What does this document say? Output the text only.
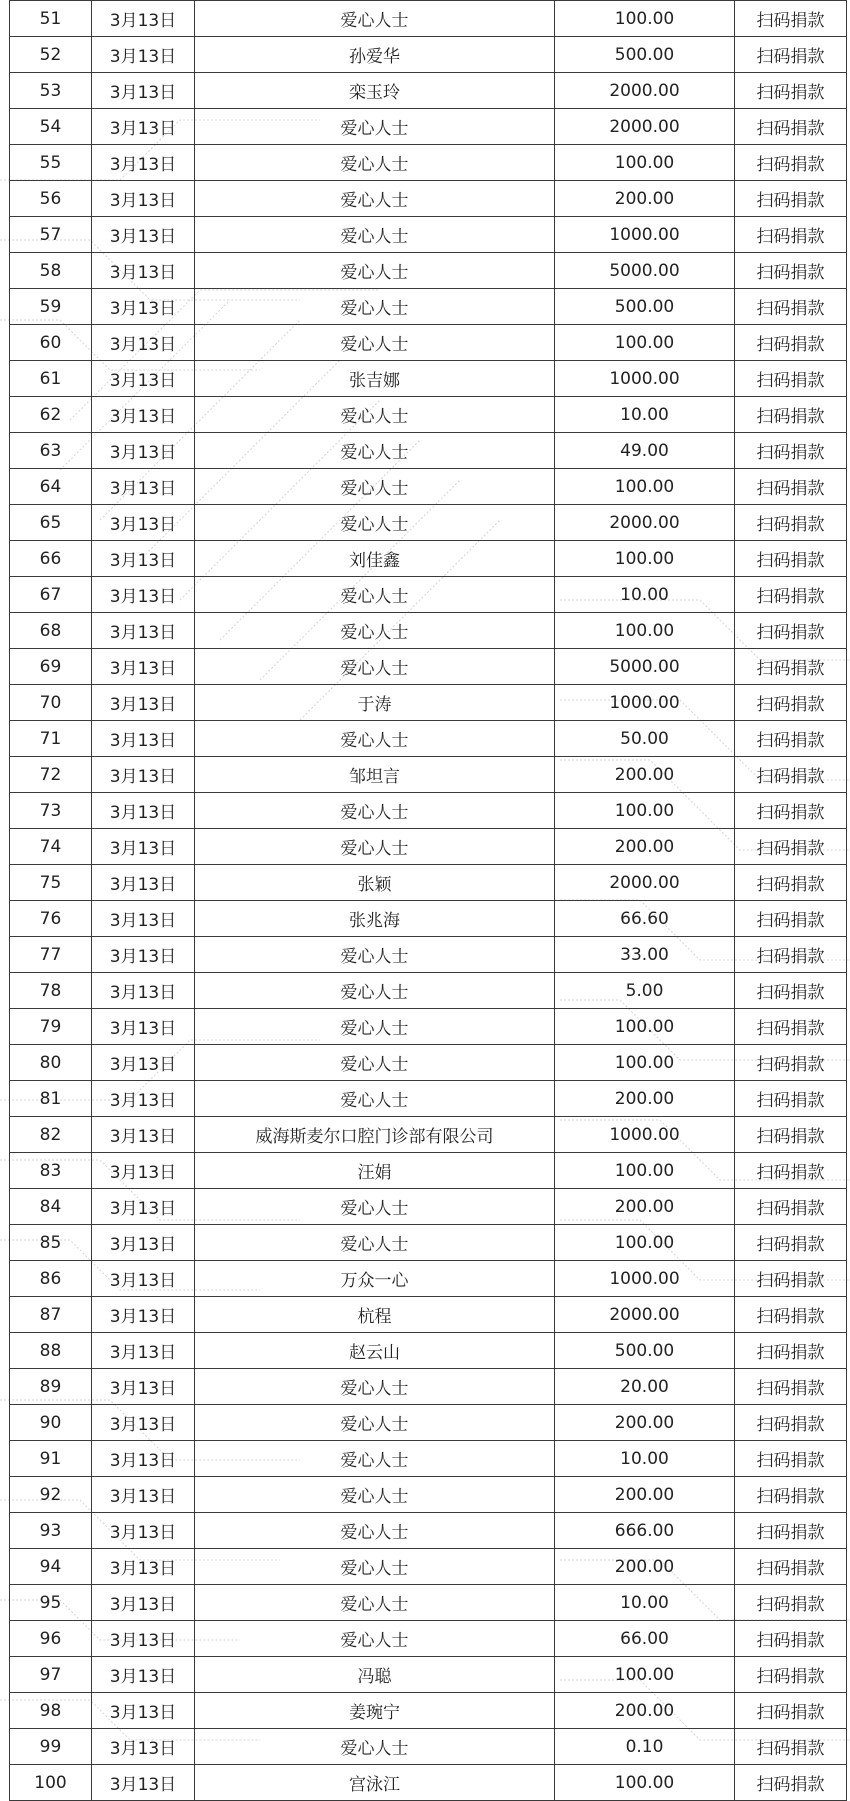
51	3月13日	爱心人士	100.00	扫码捐款
52	3月13日	孙爱华	500.00	扫码捐款
53	3月13日	栾玉玲	2000.00	扫码捐款
54	3月13日	爱心人士	2000.00	扫码捐款
55	3月13日	爱心人士	100.00	扫码捐款
56	3月13日	爱心人士	200.00	扫码捐款
57	3月13日	爱心人士	1000.00	扫码捐款
58	3月13日	爱心人士	5000.00	扫码捐款
59	3月13日	爱心人士	500.00	扫码捐款
60	3月13日	爱心人士	100.00	扫码捐款
61	3月13日	张吉娜	1000.00	扫码捐款
62	3月13日	爱心人士	10.00	扫码捐款
63	3月13日	爱心人士	49.00	扫码捐款
64	3月13日	爱心人士	100.00	扫码捐款
65	3月13日	爱心人士	2000.00	扫码捐款
66	3月13日	刘佳鑫	100.00	扫码捐款
67	3月13日	爱心人士	10.00	扫码捐款
68	3月13日	爱心人士	100.00	扫码捐款
69	3月13日	爱心人士	5000.00	扫码捐款
70	3月13日	于涛	1000.00	扫码捐款
71	3月13日	爱心人士	50.00	扫码捐款
72	3月13日	邹坦言	200.00	扫码捐款
73	3月13日	爱心人士	100.00	扫码捐款
74	3月13日	爱心人士	200.00	扫码捐款
75	3月13日	张颖	2000.00	扫码捐款
76	3月13日	张兆海	66.60	扫码捐款
77	3月13日	爱心人士	33.00	扫码捐款
78	3月13日	爱心人士	5.00	扫码捐款
79	3月13日	爱心人士	100.00	扫码捐款
80	3月13日	爱心人士	100.00	扫码捐款
81	3月13日	爱心人士	200.00	扫码捐款
82	3月13日	威海斯麦尔口腔门诊部有限公司	1000.00	扫码捐款
83	3月13日	汪娟	100.00	扫码捐款
84	3月13日	爱心人士	200.00	扫码捐款
85	3月13日	爱心人士	100.00	扫码捐款
86	3月13日	万众一心	1000.00	扫码捐款
87	3月13日	杭程	2000.00	扫码捐款
88	3月13日	赵云山	500.00	扫码捐款
89	3月13日	爱心人士	20.00	扫码捐款
90	3月13日	爱心人士	200.00	扫码捐款
91	3月13日	爱心人士	10.00	扫码捐款
92	3月13日	爱心人士	200.00	扫码捐款
93	3月13日	爱心人士	666.00	扫码捐款
94	3月13日	爱心人士	200.00	扫码捐款
95	3月13日	爱心人士	10.00	扫码捐款
96	3月13日	爱心人士	66.00	扫码捐款
97	3月13日	冯聪	100.00	扫码捐款
98	3月13日	姜琬宁	200.00	扫码捐款
99	3月13日	爱心人士	0.10	扫码捐款
100	3月13日	宫泳江	100.00	扫码捐款
